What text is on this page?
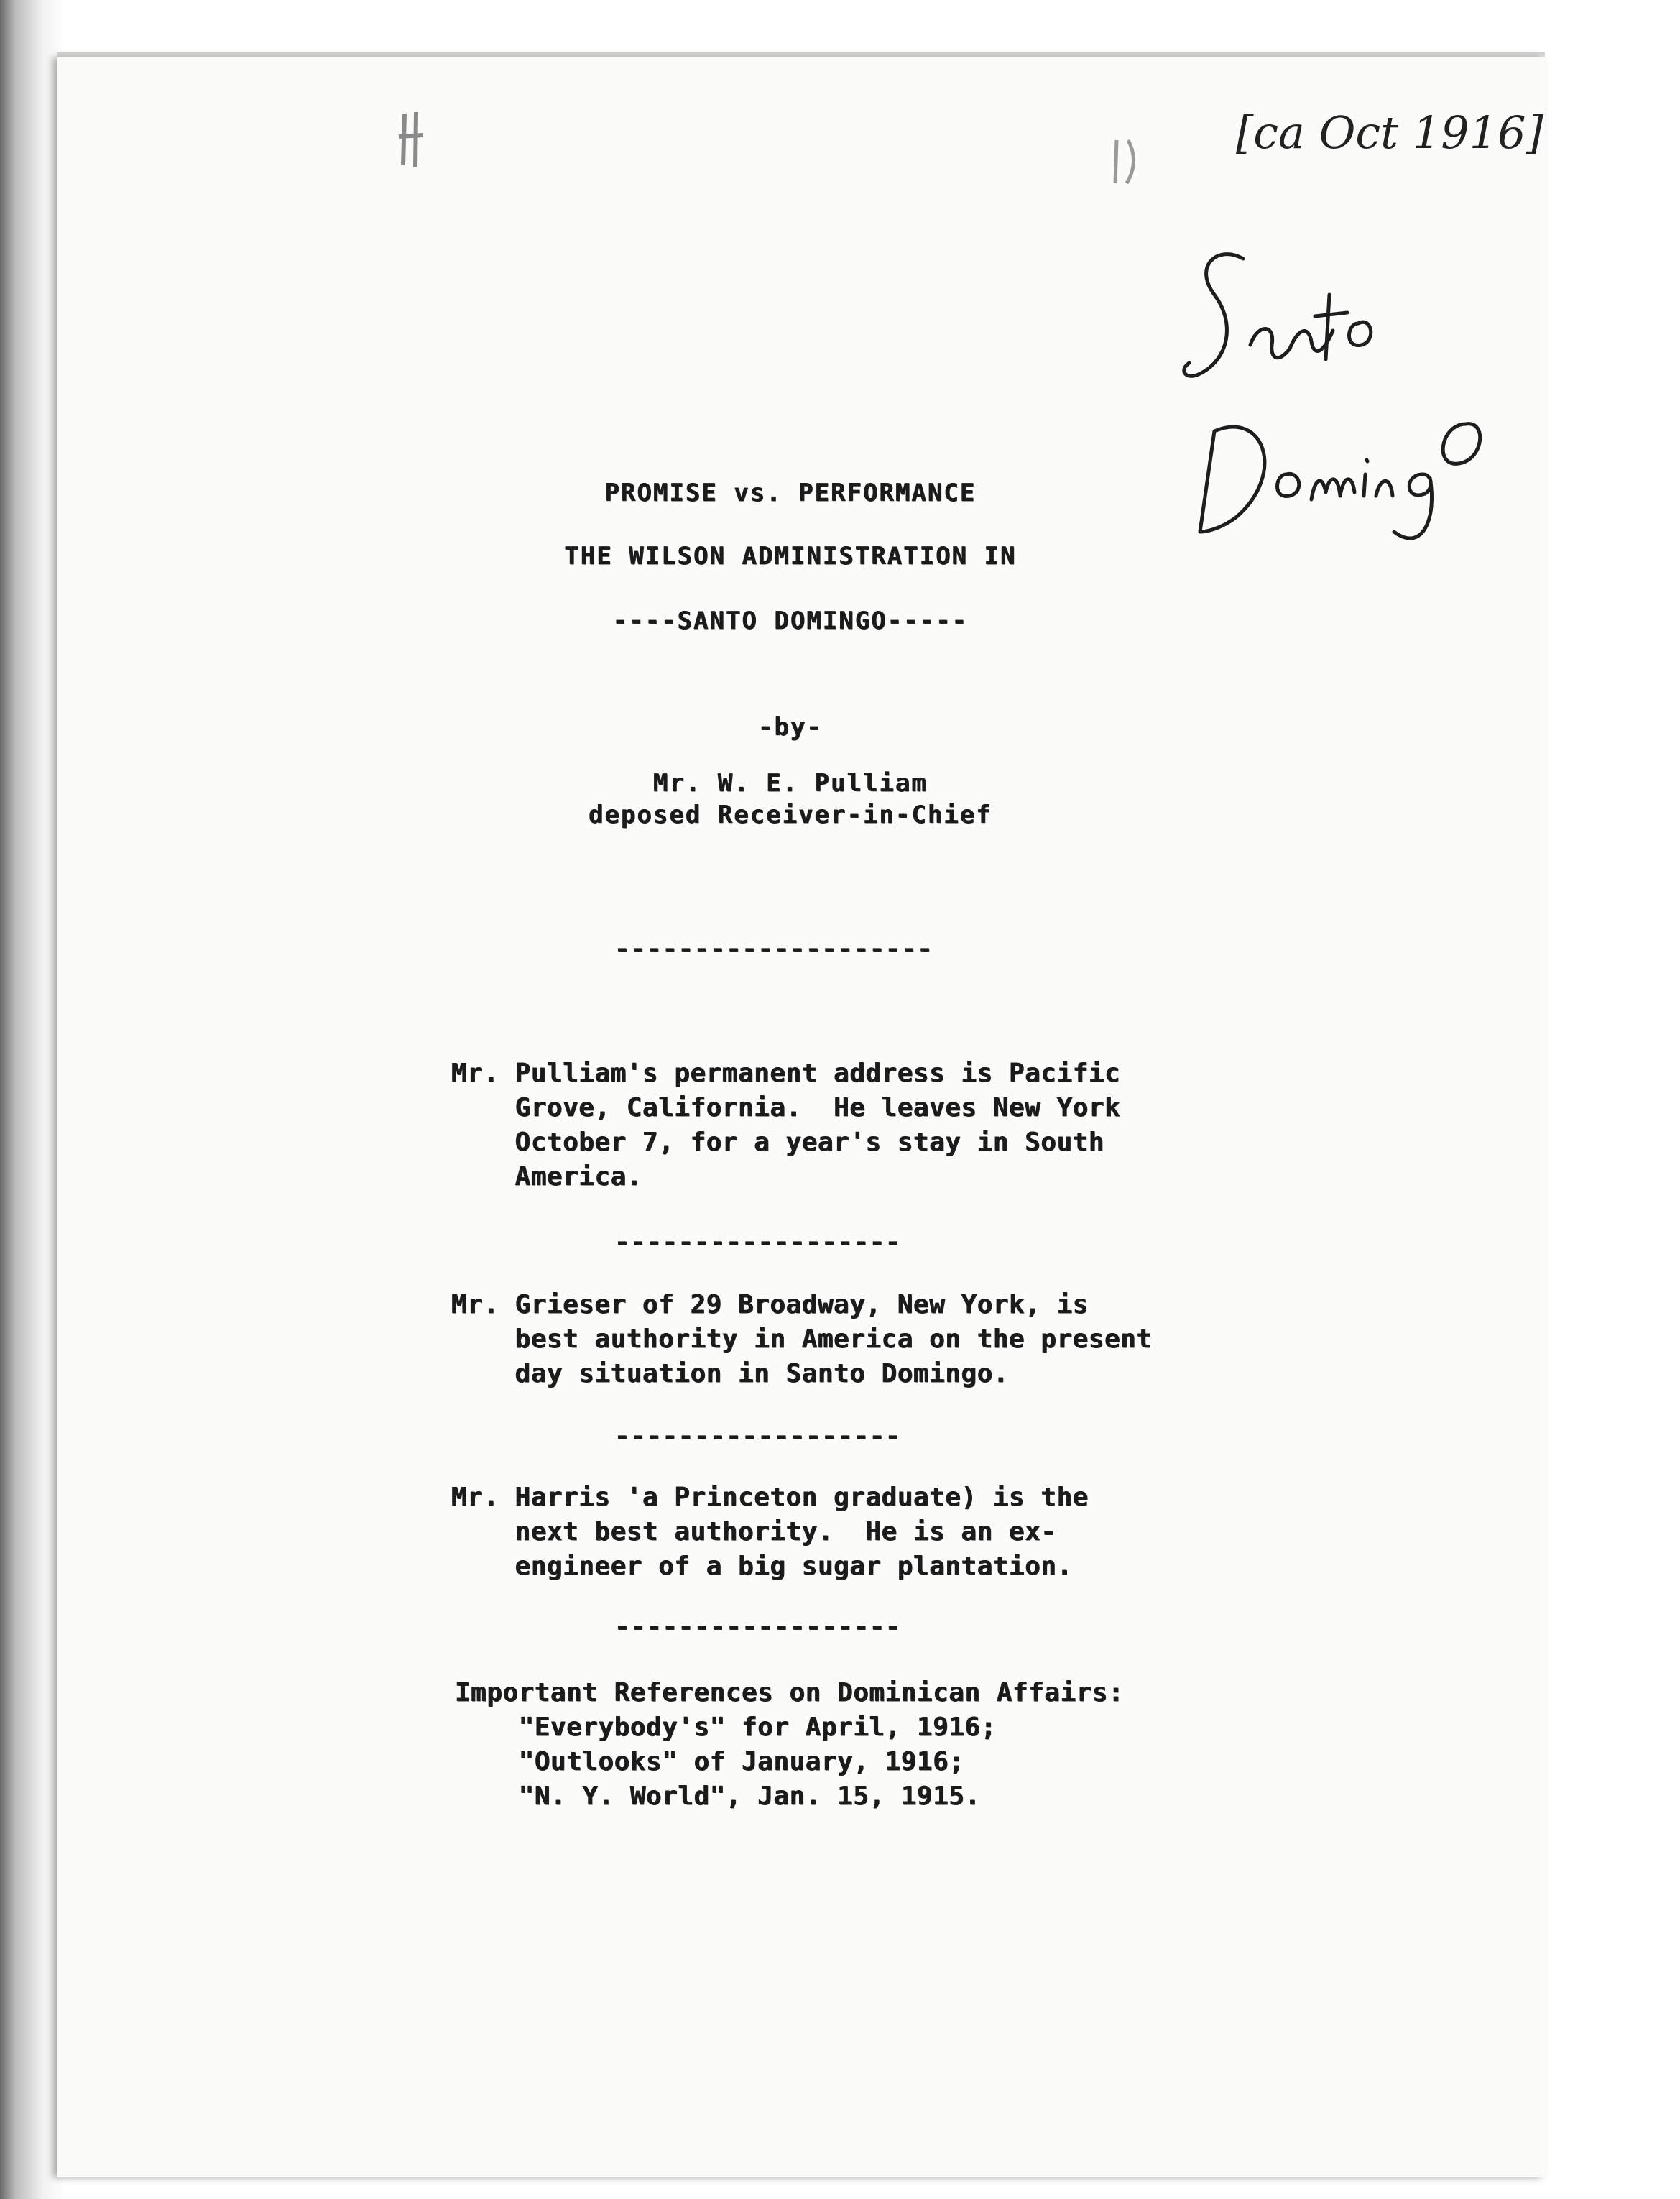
[ca Oct 1916]
PROMISE vs. PERFORMANCE
THE WILSON ADMINISTRATION IN
----SANTO DOMINGO-----
-by-
Mr. W. E. Pulliam
deposed Receiver-in-Chief
--------------------
Mr. Pulliam's permanent address is Pacific
Grove, California.  He leaves New York
October 7, for a year's stay in South
America.
------------------
Mr. Grieser of 29 Broadway, New York, is
best authority in America on the present
day situation in Santo Domingo.
------------------
Mr. Harris 'a Princeton graduate) is the
next best authority.  He is an ex-
engineer of a big sugar plantation.
------------------
Important References on Dominican Affairs:
"Everybody's" for April, 1916;
"Outlooks" of January, 1916;
"N. Y. World", Jan. 15, 1915.
